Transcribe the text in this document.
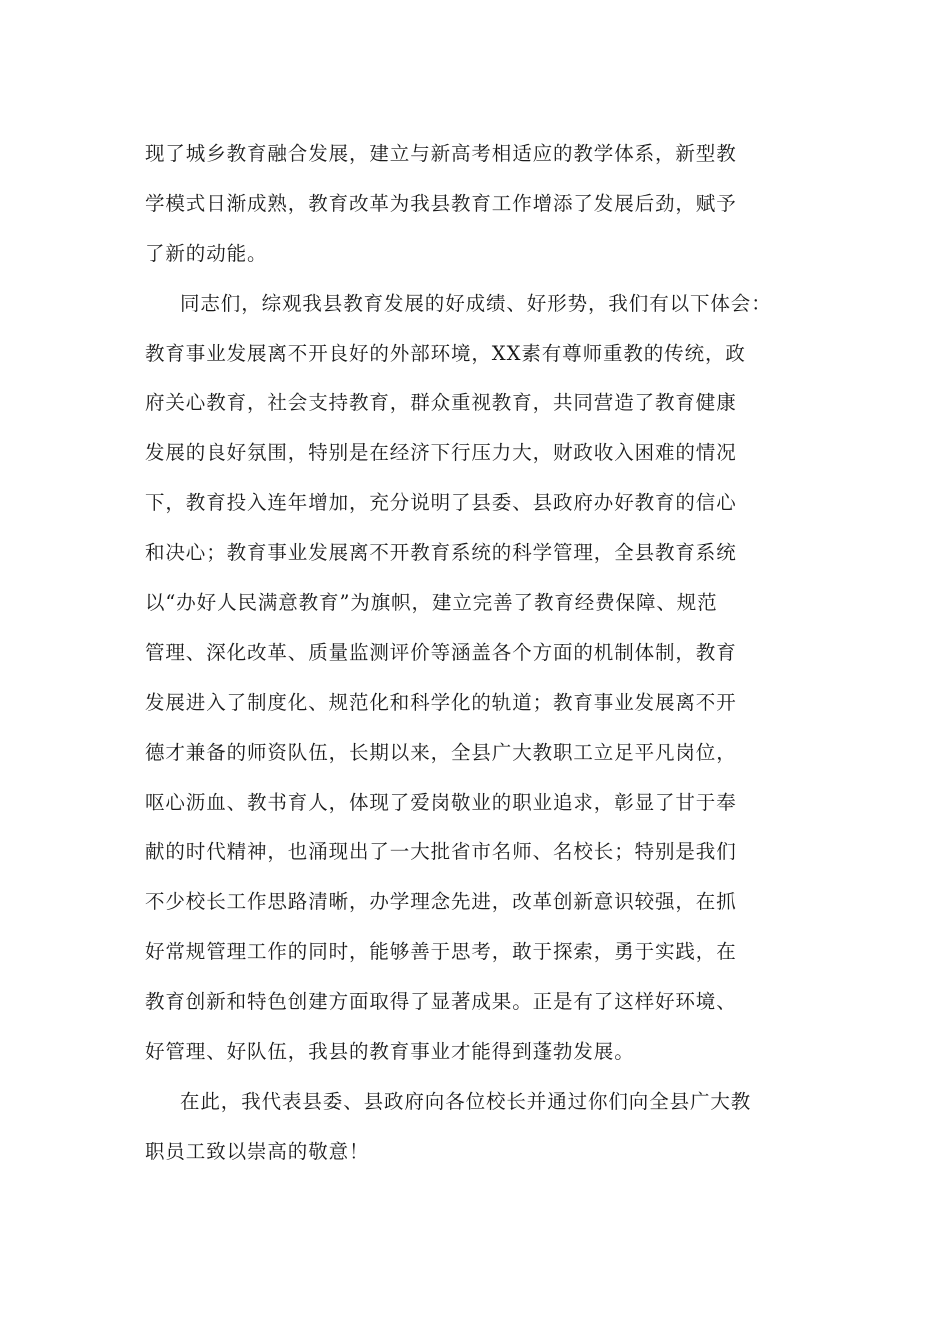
现了城乡教育融合发展，建立与新高考相适应的教学体系，新型教
学模式日渐成熟，教育改革为我县教育工作增添了发展后劲，赋予
了新的动能。
同志们，综观我县教育发展的好成绩、好形势，我们有以下体会：
教育事业发展离不开良好的外部环境，XX素有尊师重教的传统，政
府关心教育，社会支持教育，群众重视教育，共同营造了教育健康
发展的良好氛围，特别是在经济下行压力大，财政收入困难的情况
下，教育投入连年增加，充分说明了县委、县政府办好教育的信心
和决心；教育事业发展离不开教育系统的科学管理，全县教育系统
以“办好人民满意教育”为旗帜，建立完善了教育经费保障、规范
管理、深化改革、质量监测评价等涵盖各个方面的机制体制，教育
发展进入了制度化、规范化和科学化的轨道；教育事业发展离不开
德才兼备的师资队伍，长期以来，全县广大教职工立足平凡岗位，
呕心沥血、教书育人，体现了爱岗敬业的职业追求，彰显了甘于奉
献的时代精神，也涌现出了一大批省市名师、名校长；特别是我们
不少校长工作思路清晰，办学理念先进，改革创新意识较强，在抓
好常规管理工作的同时，能够善于思考，敢于探索，勇于实践，在
教育创新和特色创建方面取得了显著成果。正是有了这样好环境、
好管理、好队伍，我县的教育事业才能得到蓬勃发展。
在此，我代表县委、县政府向各位校长并通过你们向全县广大教
职员工致以崇高的敬意！
